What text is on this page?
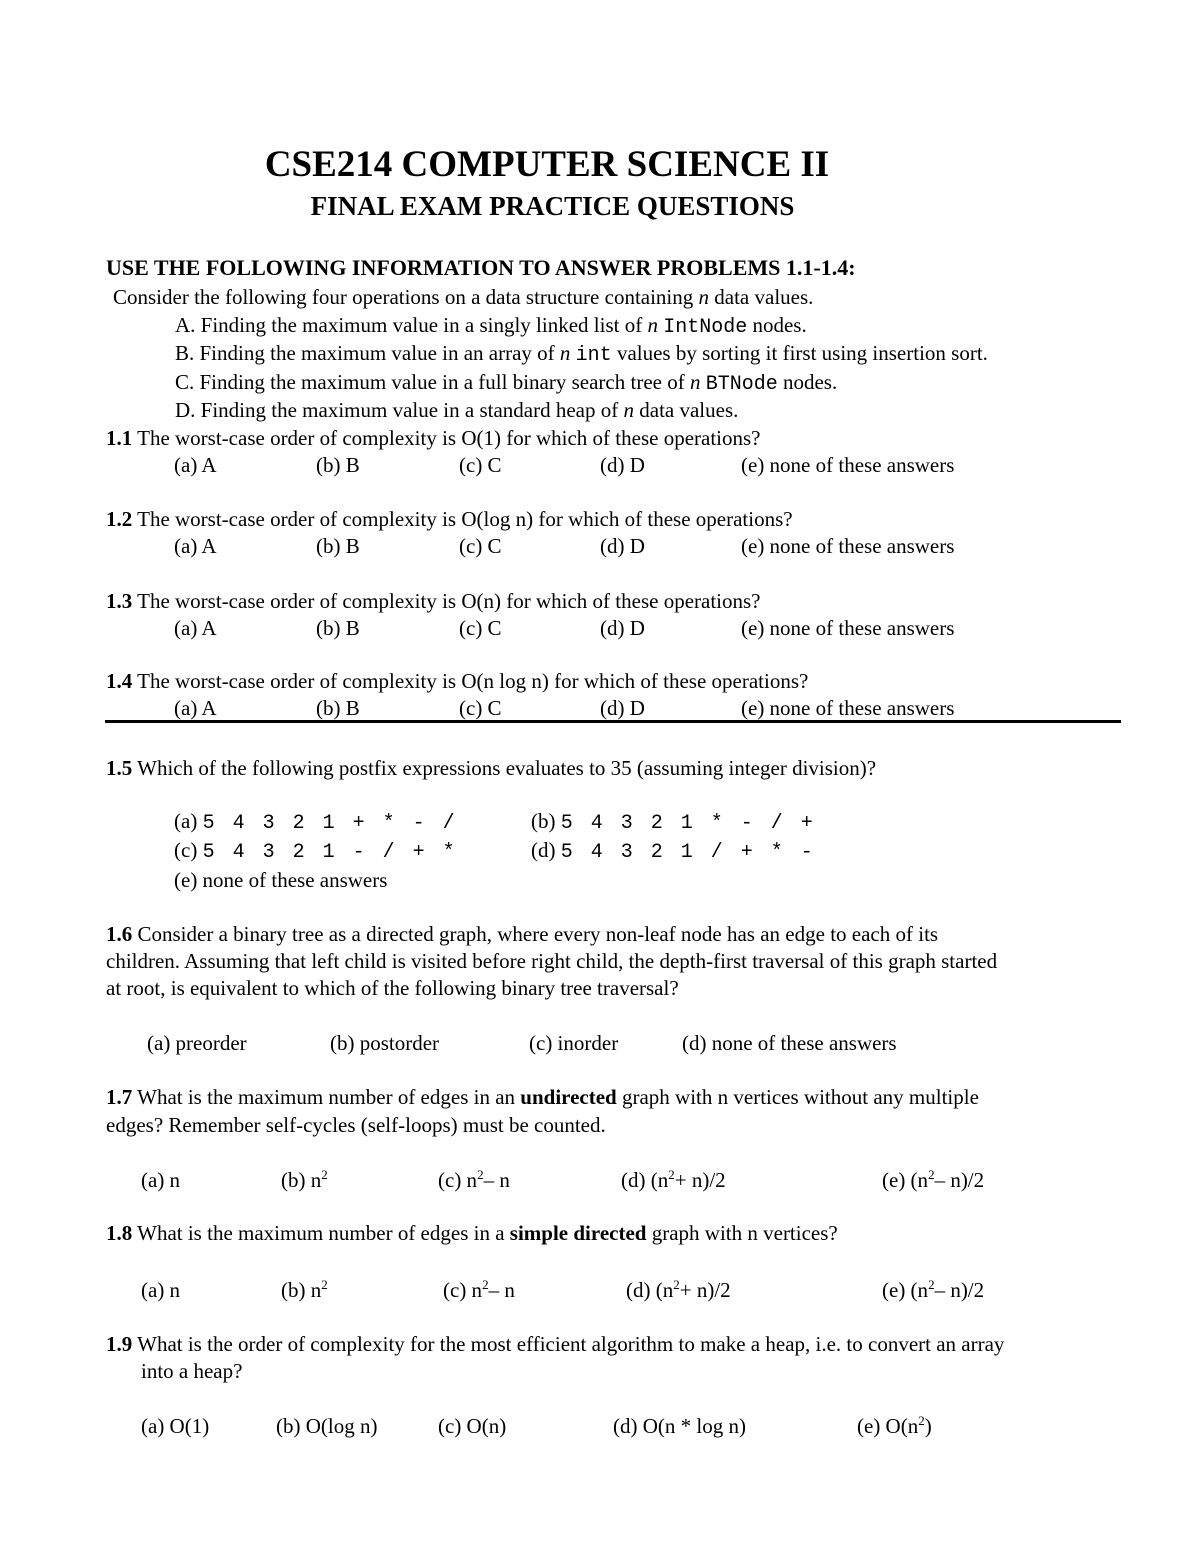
CSE214 COMPUTER SCIENCE II
FINAL EXAM PRACTICE QUESTIONS
USE THE FOLLOWING INFORMATION TO ANSWER PROBLEMS 1.1-1.4:
Consider the following four operations on a data structure containing n data values.
A. Finding the maximum value in a singly linked list of n IntNode nodes.
B. Finding the maximum value in an array of n int values by sorting it first using insertion sort.
C. Finding the maximum value in a full binary search tree of n BTNode nodes.
D. Finding the maximum value in a standard heap of n data values.
1.1 The worst-case order of complexity is O(1) for which of these operations?
(a) A	(b) B	(c) C	(d) D	(e) none of these answers
1.2 The worst-case order of complexity is O(log n) for which of these operations?
(a) A	(b) B	(c) C	(d) D	(e) none of these answers
1.3 The worst-case order of complexity is O(n) for which of these operations?
(a) A	(b) B	(c) C	(d) D	(e) none of these answers
1.4 The worst-case order of complexity is O(n log n) for which of these operations?
(a) A	(b) B	(c) C	(d) D	(e) none of these answers
1.5 Which of the following postfix expressions evaluates to 35 (assuming integer division)?
(a) 5 4 3 2 1 + * - /	(b) 5 4 3 2 1 * - / +
(c) 5 4 3 2 1 - / + *	(d) 5 4 3 2 1 / + * -
(e) none of these answers
1.6 Consider a binary tree as a directed graph, where every non-leaf node has an edge to each of its
children. Assuming that left child is visited before right child, the depth-first traversal of this graph started
at root, is equivalent to which of the following binary tree traversal?
(a) preorder	(b) postorder	(c) inorder	(d) none of these answers
1.7 What is the maximum number of edges in an undirected graph with n vertices without any multiple
edges? Remember self-cycles (self-loops) must be counted.
(a) n	(b) $n^2$	(c) $n^2-$ n	(d) $(n^2+ n)/2$	(e) ($n^2-$ n)/2
1.8 What is the maximum number of edges in a simple directed graph with n vertices?
(a) n	(b) $n^2$	(c) $n^2-$ n	(d) $(n^2+ n)/2$	(e) ($n^2-$ n)/2
1.9 What is the order of complexity for the most efficient algorithm to make a heap, i.e. to convert an array
into a heap?
(a) O(1)	(b) O(log n)	(c) O(n)	(d) O(n * log n)	(e) $O(n^2)$
